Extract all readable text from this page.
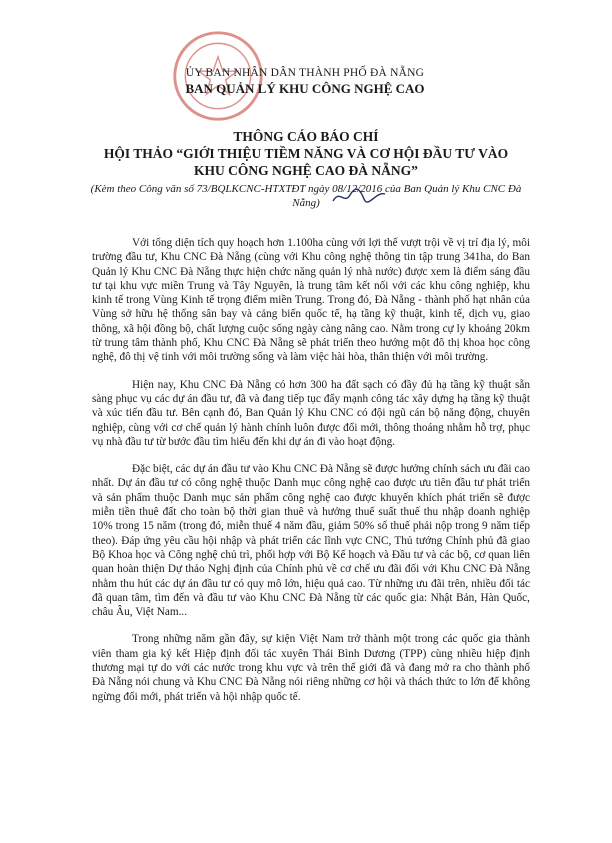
ỦY BAN NHÂN DÂN THÀNH PHỐ ĐÀ NẴNG
BAN QUẢN LÝ KHU CÔNG NGHỆ CAO
THÔNG CÁO BÁO CHÍ
HỘI THẢO “GIỚI THIỆU TIỀM NĂNG VÀ CƠ HỘI ĐẦU TƯ VÀO KHU CÔNG NGHỆ CAO ĐÀ NẴNG”
(Kèm theo Công văn số 73/BQLKCNC-HTXTĐT ngày 08/12/2016 của Ban Quản lý Khu CNC Đà Nẵng)

Với tổng diện tích quy hoạch hơn 1.100ha cùng với lợi thế vượt trội về vị trí địa lý, môi trường đầu tư, Khu CNC Đà Nẵng (cùng với Khu công nghệ thông tin tập trung 341ha, do Ban Quản lý Khu CNC Đà Nẵng thực hiện chức năng quản lý nhà nước) được xem là điểm sáng đầu tư tại khu vực miền Trung và Tây Nguyên, là trung tâm kết nối với các khu công nghiệp, khu kinh tế trong Vùng Kinh tế trọng điểm miền Trung. Trong đó, Đà Nẵng - thành phố hạt nhân của Vùng sở hữu hệ thống sân bay và cảng biển quốc tế, hạ tầng kỹ thuật, kinh tế, dịch vụ, giao thông, xã hội đồng bộ, chất lượng cuộc sống ngày càng nâng cao. Nằm trong cự ly khoảng 20km từ trung tâm thành phố, Khu CNC Đà Nẵng sẽ phát triển theo hướng một đô thị khoa học công nghệ, đô thị vệ tinh với môi trường sống và làm việc hài hòa, thân thiện với môi trường.

Hiện nay, Khu CNC Đà Nẵng có hơn 300 ha đất sạch có đầy đủ hạ tầng kỹ thuật sẵn sàng phục vụ các dự án đầu tư, đã và đang tiếp tục đẩy mạnh công tác xây dựng hạ tầng kỹ thuật và xúc tiến đầu tư. Bên cạnh đó, Ban Quản lý Khu CNC có đội ngũ cán bộ năng động, chuyên nghiệp, cùng với cơ chế quản lý hành chính luôn được đổi mới, thông thoáng nhằm hỗ trợ, phục vụ nhà đầu tư từ bước đầu tìm hiểu đến khi dự án đi vào hoạt động.

Đặc biệt, các dự án đầu tư vào Khu CNC Đà Nẵng sẽ được hưởng chính sách ưu đãi cao nhất. Dự án đầu tư có công nghệ thuộc Danh mục công nghệ cao được ưu tiên đầu tư phát triển và sản phẩm thuộc Danh mục sản phẩm công nghệ cao được khuyến khích phát triển sẽ được miễn tiền thuê đất cho toàn bộ thời gian thuê và hưởng thuế suất thuế thu nhập doanh nghiệp 10% trong 15 năm (trong đó, miễn thuế 4 năm đầu, giảm 50% số thuế phải nộp trong 9 năm tiếp theo). Đáp ứng yêu cầu hội nhập và phát triển các lĩnh vực CNC, Thủ tướng Chính phủ đã giao Bộ Khoa học và Công nghệ chủ trì, phối hợp với Bộ Kế hoạch và Đầu tư và các bộ, cơ quan liên quan hoàn thiện Dự thảo Nghị định của Chính phủ về cơ chế ưu đãi đối với Khu CNC Đà Nẵng nhằm thu hút các dự án đầu tư có quy mô lớn, hiệu quả cao. Từ những ưu đãi trên, nhiều đối tác đã quan tâm, tìm đến và đầu tư vào Khu CNC Đà Nẵng từ các quốc gia: Nhật Bản, Hàn Quốc, châu Âu, Việt Nam...

Trong những năm gần đây, sự kiện Việt Nam trở thành một trong các quốc gia thành viên tham gia ký kết Hiệp định đối tác xuyên Thái Bình Dương (TPP) cùng nhiều hiệp định thương mại tự do với các nước trong khu vực và trên thế giới đã và đang mở ra cho thành phố Đà Nẵng nói chung và Khu CNC Đà Nẵng nói riêng những cơ hội và thách thức to lớn để không ngừng đổi mới, phát triển và hội nhập quốc tế.
